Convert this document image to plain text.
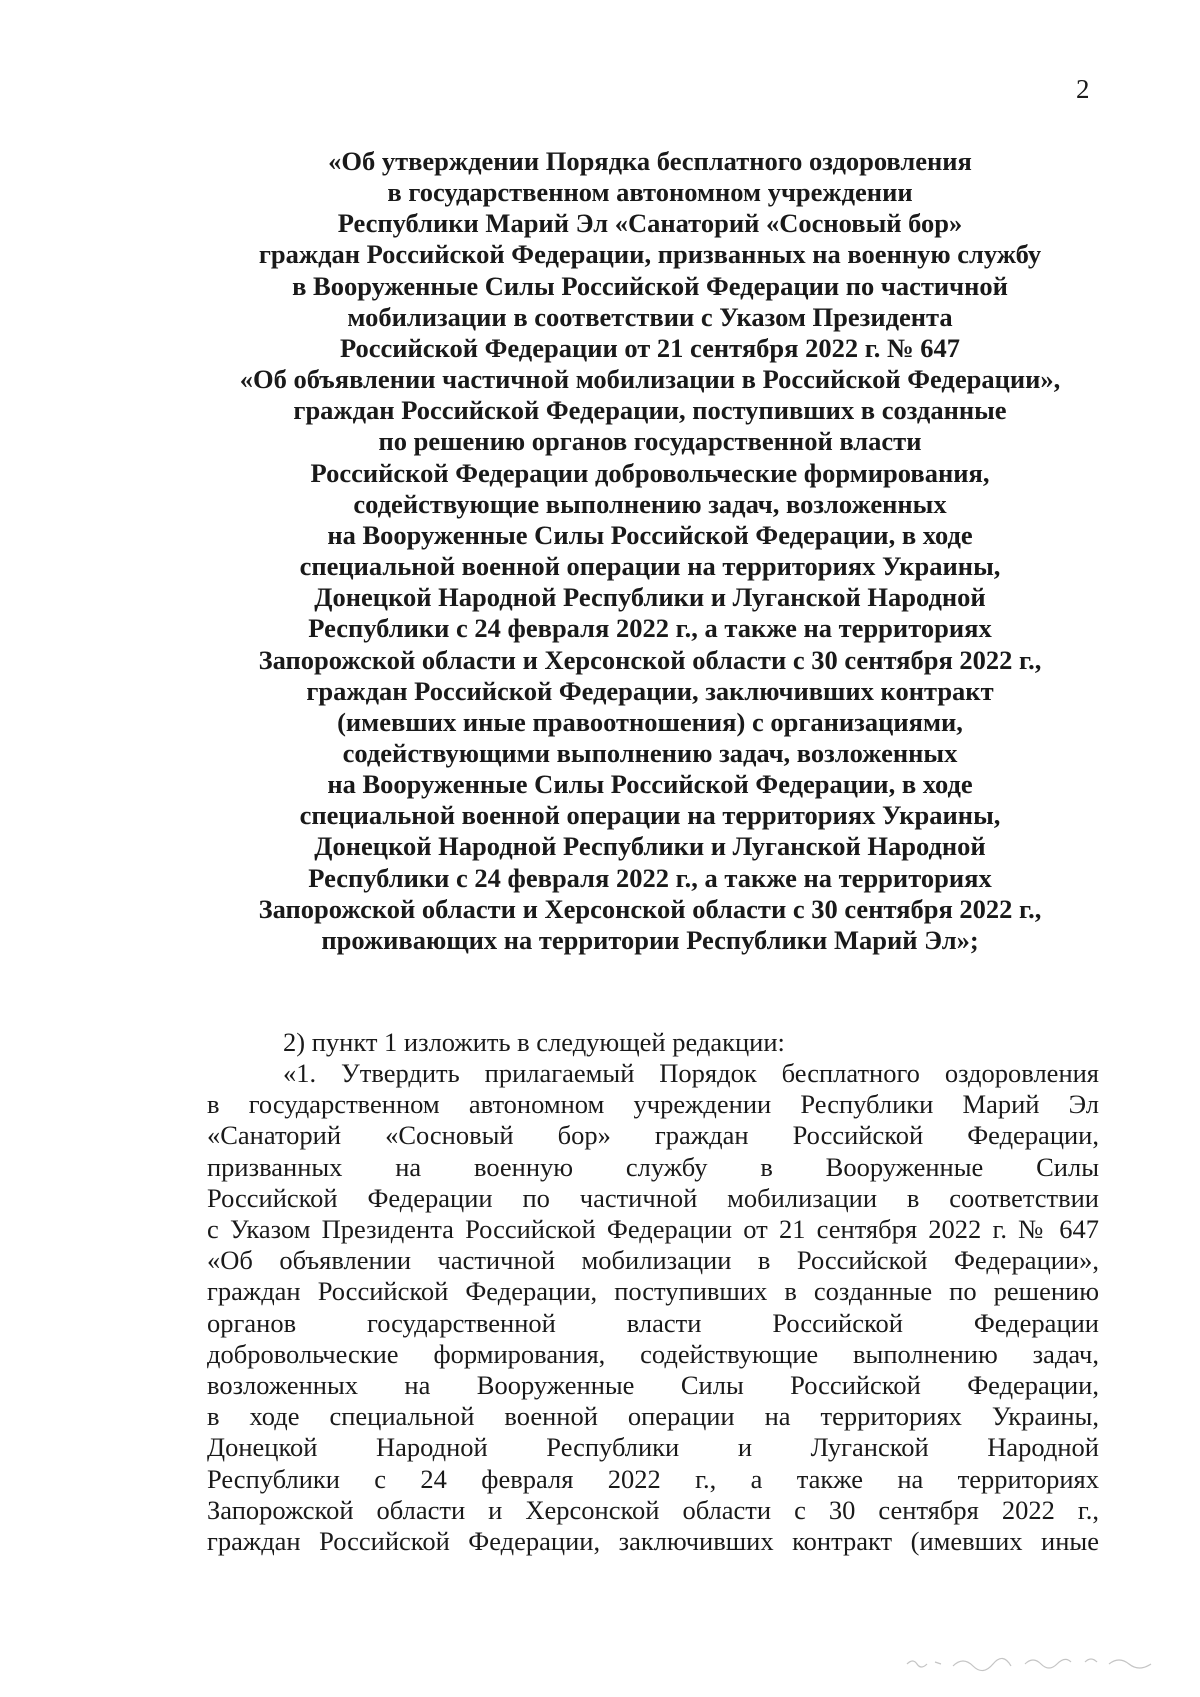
2
«Об утверждении Порядка бесплатного оздоровления
в государственном автономном учреждении
Республики Марий Эл «Санаторий «Сосновый бор»
граждан Российской Федерации, призванных на военную службу
в Вооруженные Силы Российской Федерации по частичной
мобилизации в соответствии с Указом Президента
Российской Федерации от 21 сентября 2022 г. № 647
«Об объявлении частичной мобилизации в Российской Федерации»,
граждан Российской Федерации, поступивших в созданные
по решению органов государственной власти
Российской Федерации добровольческие формирования,
содействующие выполнению задач, возложенных
на Вооруженные Силы Российской Федерации, в ходе
специальной военной операции на территориях Украины,
Донецкой Народной Республики и Луганской Народной
Республики с 24 февраля 2022 г., а также на территориях
Запорожской области и Херсонской области с 30 сентября 2022 г.,
граждан Российской Федерации, заключивших контракт
(имевших иные правоотношения) с организациями,
содействующими выполнению задач, возложенных
на Вооруженные Силы Российской Федерации, в ходе
специальной военной операции на территориях Украины,
Донецкой Народной Республики и Луганской Народной
Республики с 24 февраля 2022 г., а также на территориях
Запорожской области и Херсонской области с 30 сентября 2022 г.,
проживающих на территории Республики Марий Эл»;
2) пункт 1 изложить в следующей редакции:
«1. Утвердить прилагаемый Порядок бесплатного оздоровления
в государственном автономном учреждении Республики Марий Эл
«Санаторий «Сосновый бор» граждан Российской Федерации,
призванных на военную службу в Вооруженные Силы
Российской Федерации по частичной мобилизации в соответствии
с Указом Президента Российской Федерации от 21 сентября 2022 г. № 647
«Об объявлении частичной мобилизации в Российской Федерации»,
граждан Российской Федерации, поступивших в созданные по решению
органов государственной власти Российской Федерации
добровольческие формирования, содействующие выполнению задач,
возложенных на Вооруженные Силы Российской Федерации,
в ходе специальной военной операции на территориях Украины,
Донецкой Народной Республики и Луганской Народной
Республики с 24 февраля 2022 г., а также на территориях
Запорожской области и Херсонской области с 30 сентября 2022 г.,
граждан Российской Федерации, заключивших контракт (имевших иные
